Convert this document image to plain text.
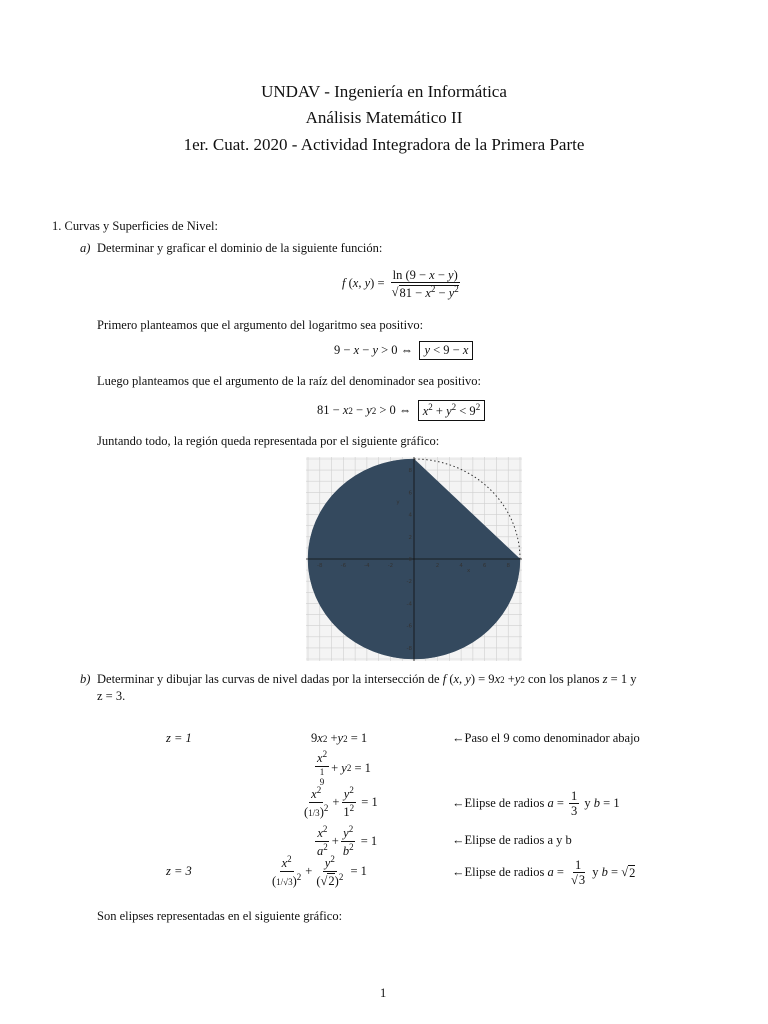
UNDAV - Ingeniería en Informática
Análisis Matemático II
1er. Cuat. 2020 - Actividad Integradora de la Primera Parte
1. Curvas y Superficies de Nivel:
a) Determinar y graficar el dominio de la siguiente función:
f ( x, y ) = $\frac{\ln (9 - x - y)}{√81 - x^2 - y^2}$
Primero planteamos que el argumento del logaritmo sea positivo:
9 − x − y > 0 ⇔ y < 9 − x
Luego planteamos que el argumento de la raíz del denominador sea positivo:
81 − x 2 − y 2 > 0 ⇔ $x^2 + y^2 < 9^2$
Juntando todo, la región queda representada por el siguiente gráfico:
-8	-6	-4	-2	2	4	6	8
-8
-6
-4
-2
0
2
4
6
8
x
y
b) Determinar y dibujar las curvas de nivel dadas por la intersección de
f ( x, y ) = 9 x 2 + y 2
con los planos
z = 1 y
z = 3.
z = 1	9 x 2 + y 2 = 1	←Paso el 9 como denominador abajo
$x^2$
1
9
+ y 2 = 1
$\frac{x^2}{(1/3)^2} + \frac{y^2}{1^2} = 1$	←Elipse de radios
$a = \frac{1}{3}$
y
b = 1
$\frac{x^2}{a^2} + \frac{y^2}{b^2} = 1$	←Elipse de radios a y b
z = 3	$\frac{x^2}{(1/√3)^2} + \frac{y^2}{(√2)^2} = 1$	←Elipse de radios
$a = \frac{1}{√3}$
y
b = √ 2
Son elipses representadas en el siguiente gráfico:
1
